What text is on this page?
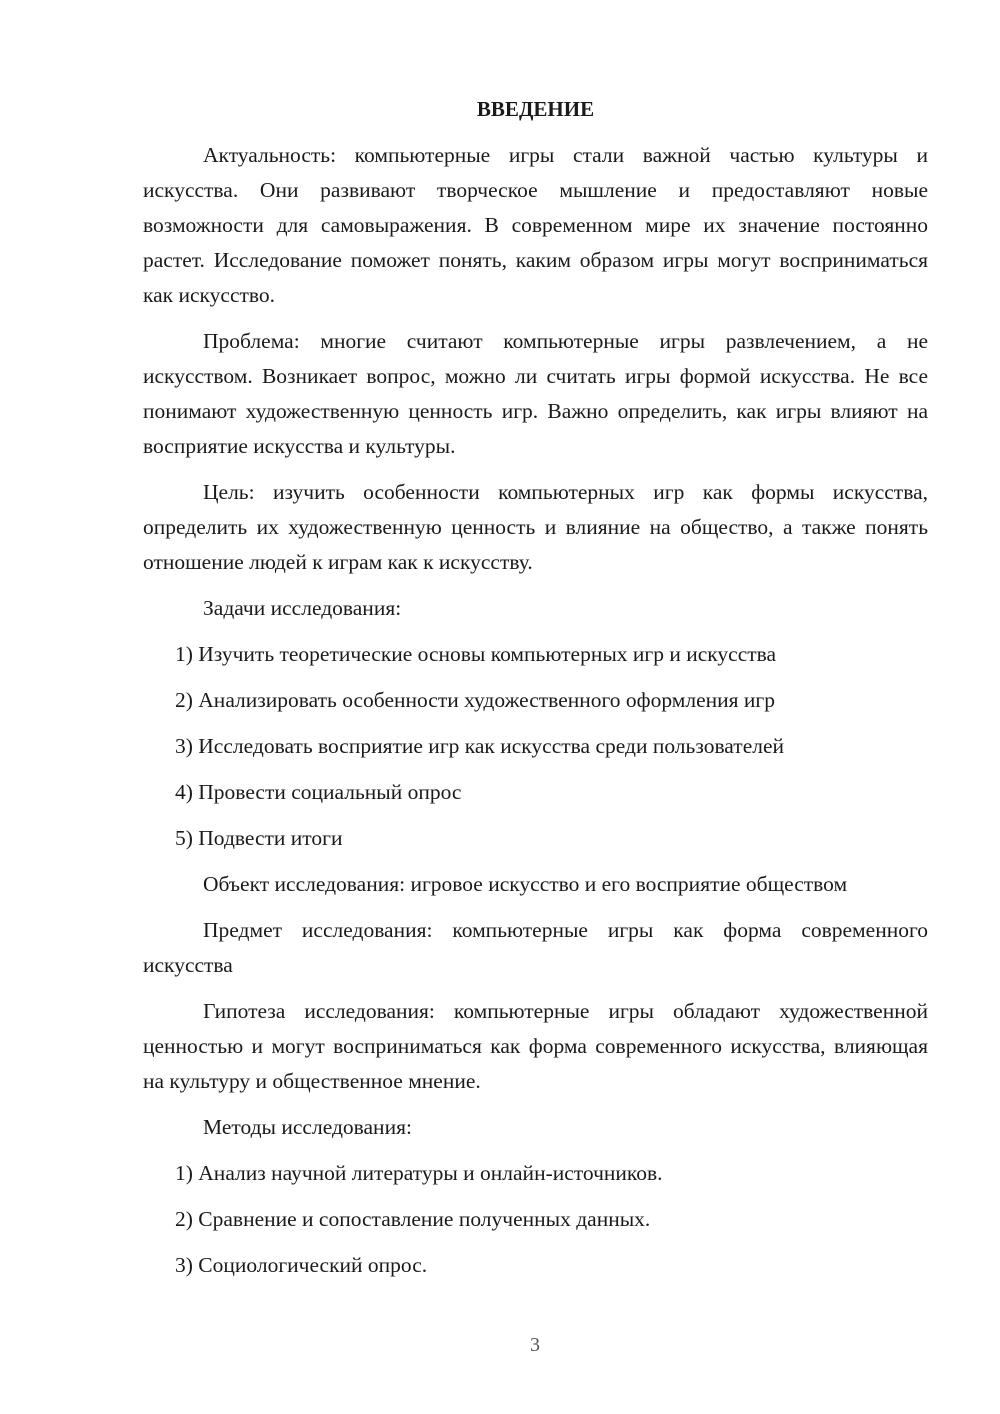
ВВЕДЕНИЕ

Актуальность: компьютерные игры стали важной частью культуры и искусства. Они развивают творческое мышление и предоставляют новые возможности для самовыражения. В современном мире их значение постоянно растет. Исследование поможет понять, каким образом игры могут восприниматься как искусство.

Проблема: многие считают компьютерные игры развлечением, а не искусством. Возникает вопрос, можно ли считать игры формой искусства. Не все понимают художественную ценность игр. Важно определить, как игры влияют на восприятие искусства и культуры.

Цель: изучить особенности компьютерных игр как формы искусства, определить их художественную ценность и влияние на общество, а также понять отношение людей к играм как к искусству.

Задачи исследования:

1) Изучить теоретические основы компьютерных игр и искусства

2) Анализировать особенности художественного оформления игр

3) Исследовать восприятие игр как искусства среди пользователей

4) Провести социальный опрос

5) Подвести итоги

Объект исследования: игровое искусство и его восприятие обществом

Предмет исследования: компьютерные игры как форма современного искусства

Гипотеза исследования: компьютерные игры обладают художественной ценностью и могут восприниматься как форма современного искусства, влияющая на культуру и общественное мнение.

Методы исследования:

1) Анализ научной литературы и онлайн-источников.

2) Сравнение и сопоставление полученных данных.

3) Социологический опрос.

3
